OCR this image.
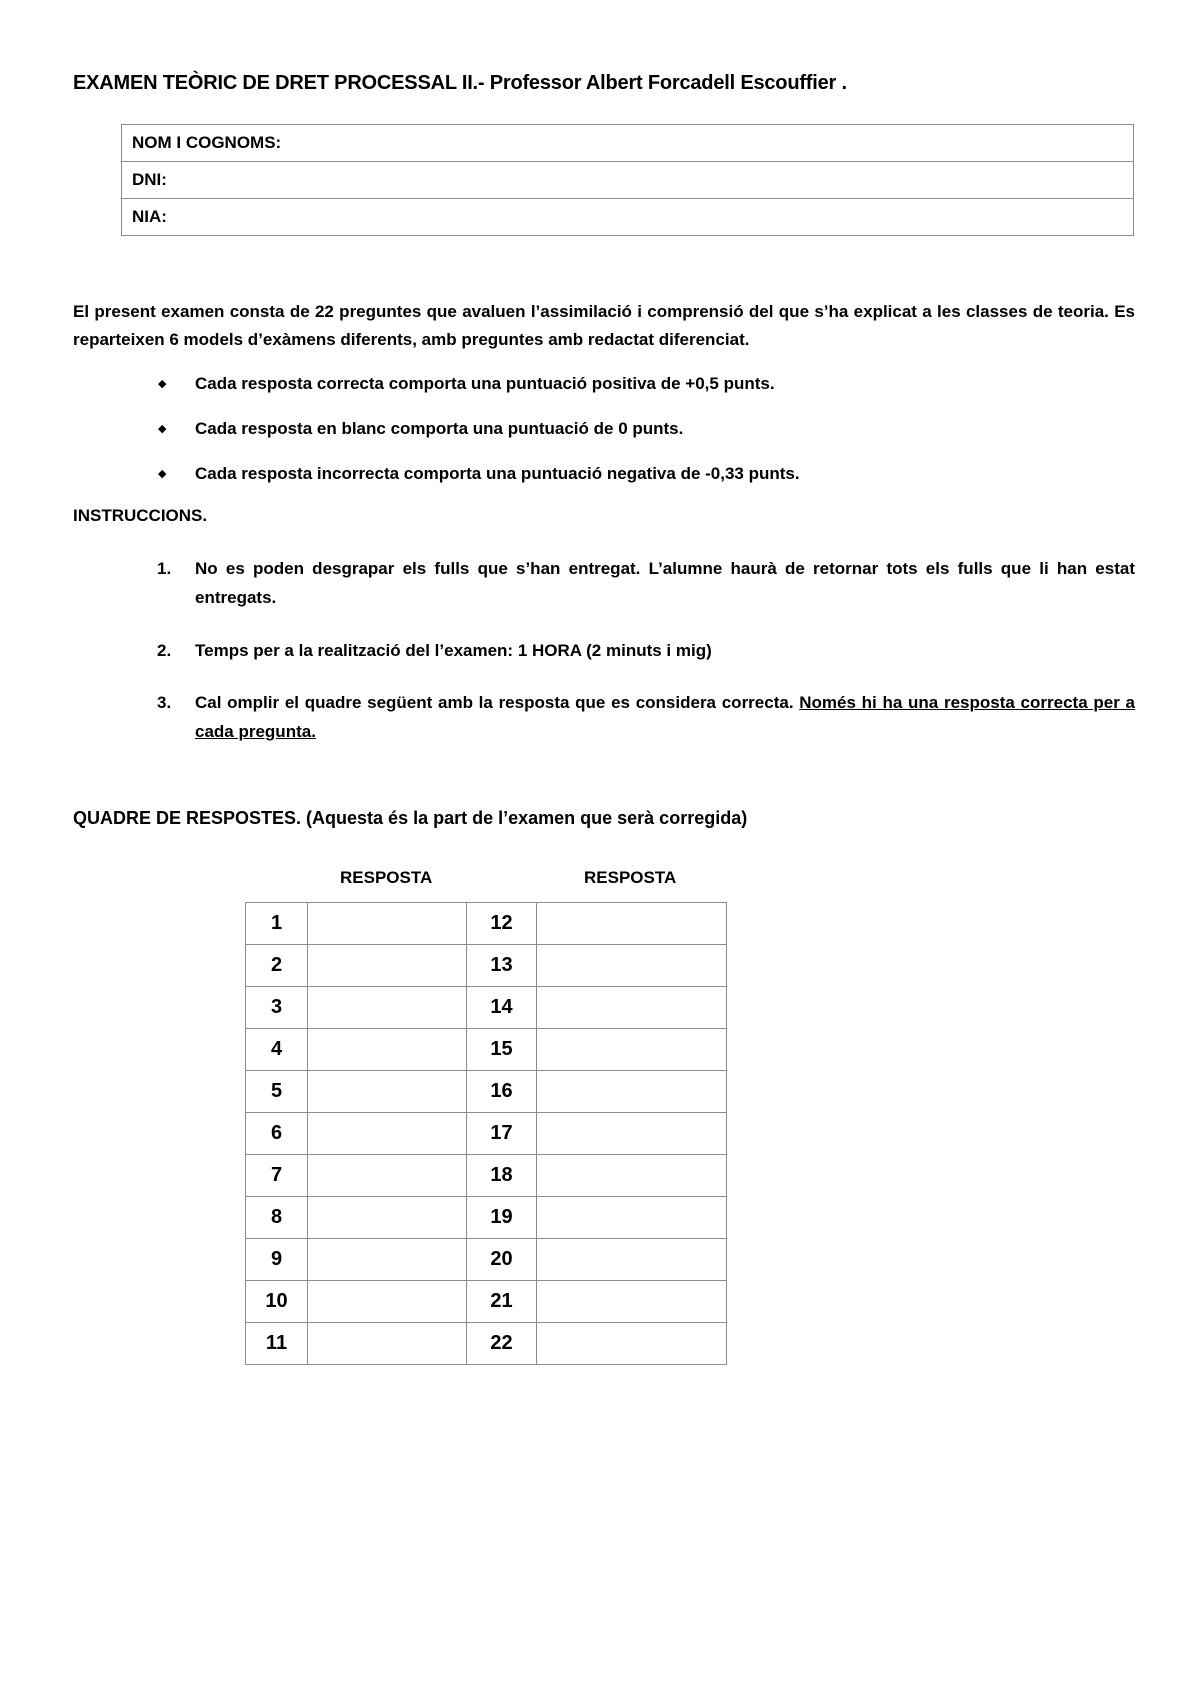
EXAMEN TEÒRIC DE DRET PROCESSAL II.- Professor Albert Forcadell Escouffier .
NOM I COGNOMS:
DNI:
NIA:
El present examen consta de 22 preguntes que avaluen l’assimilació i comprensió del que s’ha explicat a les classes de teoria. Es reparteixen 6 models d’exàmens diferents, amb preguntes amb redactat diferenciat.
◆ Cada resposta correcta comporta una puntuació positiva de +0,5 punts.
◆ Cada resposta en blanc comporta una puntuació de 0 punts.
◆ Cada resposta incorrecta comporta una puntuació negativa de -0,33 punts.
INSTRUCCIONS.
1. No es poden desgrapar els fulls que s’han entregat. L’alumne haurà de retornar tots els fulls que li han estat entregats.
2. Temps per a la realització del l’examen: 1 HORA (2 minuts i mig)
3. Cal omplir el quadre següent amb la resposta que es considera correcta. Només hi ha una resposta correcta per a cada pregunta.
QUADRE DE RESPOSTES. (Aquesta és la part de l’examen que serà corregida)
RESPOSTA	RESPOSTA
1		12	
2		13	
3		14	
4		15	
5		16	
6		17	
7		18	
8		19	
9		20	
10		21	
11		22	
